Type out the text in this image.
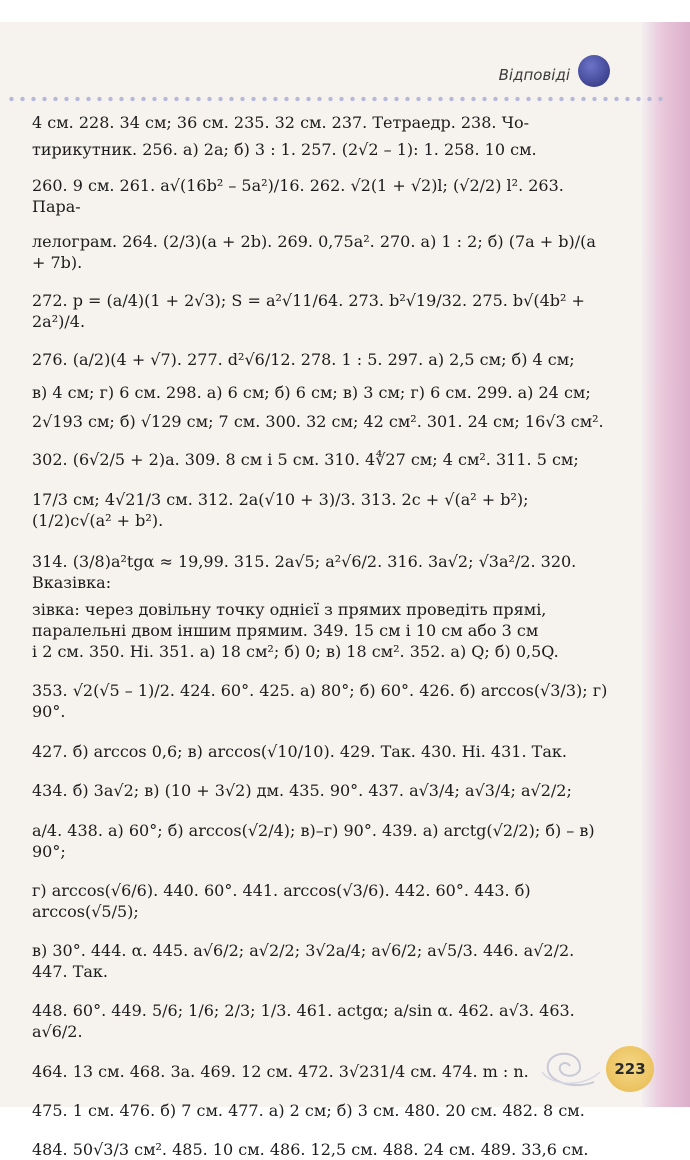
Відповіді
4 см. 228. 34 см; 36 см. 235. 32 см. 237. Тетраедр. 238. Чо-
тирикутник. 256. а) 2a; б) 3 : 1. 257. (2√2 – 1): 1. 258. 10 см.
260. 9 см. 261. a√(16b² – 5a²)/16. 262. √2(1 + √2)l; (√2/2) l². 263. Пара-
лелограм. 264. (2/3)(a + 2b). 269. 0,75a². 270. а) 1 : 2; б) (7a + b)/(a + 7b).
272. p = (a/4)(1 + 2√3); S = a²√11/64. 273. b²√19/32. 275. b√(4b² + 2a²)/4.
276. (a/2)(4 + √7). 277. d²√6/12. 278. 1 : 5. 297. а) 2,5 см; б) 4 см;
в) 4 см; г) 6 см. 298. а) 6 см; б) 6 см; в) 3 см; г) 6 см. 299. а) 24 см;
2√193 см; б) √129 см; 7 см. 300. 32 см; 42 см². 301. 24 см; 16√3 см².
302. (6√2/5 + 2)a. 309. 8 см і 5 см. 310. 4∜27 см; 4 см². 311. 5 см;
17/3 см; 4√21/3 см. 312. 2a(√10 + 3)/3. 313. 2c + √(a² + b²); (1/2)c√(a² + b²).
314. (3/8)a²tgα ≈ 19,99. 315. 2a√5; a²√6/2. 316. 3a√2; √3a²/2. 320. Вказівка:
зівка: через довільну точку однієї з прямих проведіть прямі,
паралельні двом іншим прямим. 349. 15 см і 10 см або 3 см
і 2 см. 350. Ні. 351. а) 18 см²; б) 0; в) 18 см². 352. а) Q; б) 0,5Q.
353. √2(√5 – 1)/2. 424. 60°. 425. а) 80°; б) 60°. 426. б) arccos(√3/3); г) 90°.
427. б) arccos 0,6; в) arccos(√10/10). 429. Так. 430. Ні. 431. Так.
434. б) 3a√2; в) (10 + 3√2) дм. 435. 90°. 437. a√3/4; a√3/4; a√2/2;
a/4. 438. а) 60°; б) arccos(√2/4); в)–г) 90°. 439. а) arctg(√2/2); б) – в) 90°;
г) arccos(√6/6). 440. 60°. 441. arccos(√3/6). 442. 60°. 443. б) arccos(√5/5);
в) 30°. 444. α. 445. a√6/2; a√2/2; 3√2a/4; a√6/2; a√5/3. 446. a√2/2. 447. Так.
448. 60°. 449. 5/6; 1/6; 2/3; 1/3. 461. actgα; a/sin α. 462. a√3. 463. a√6/2.
464. 13 см. 468. 3a. 469. 12 см. 472. 3√231/4 см. 474. m : n.
475. 1 см. 476. б) 7 см. 477. а) 2 см; б) 3 см. 480. 20 см. 482. 8 см.
484. 50√3/3 см². 485. 10 см. 486. 12,5 см. 488. 24 см. 489. 33,6 см.
223
